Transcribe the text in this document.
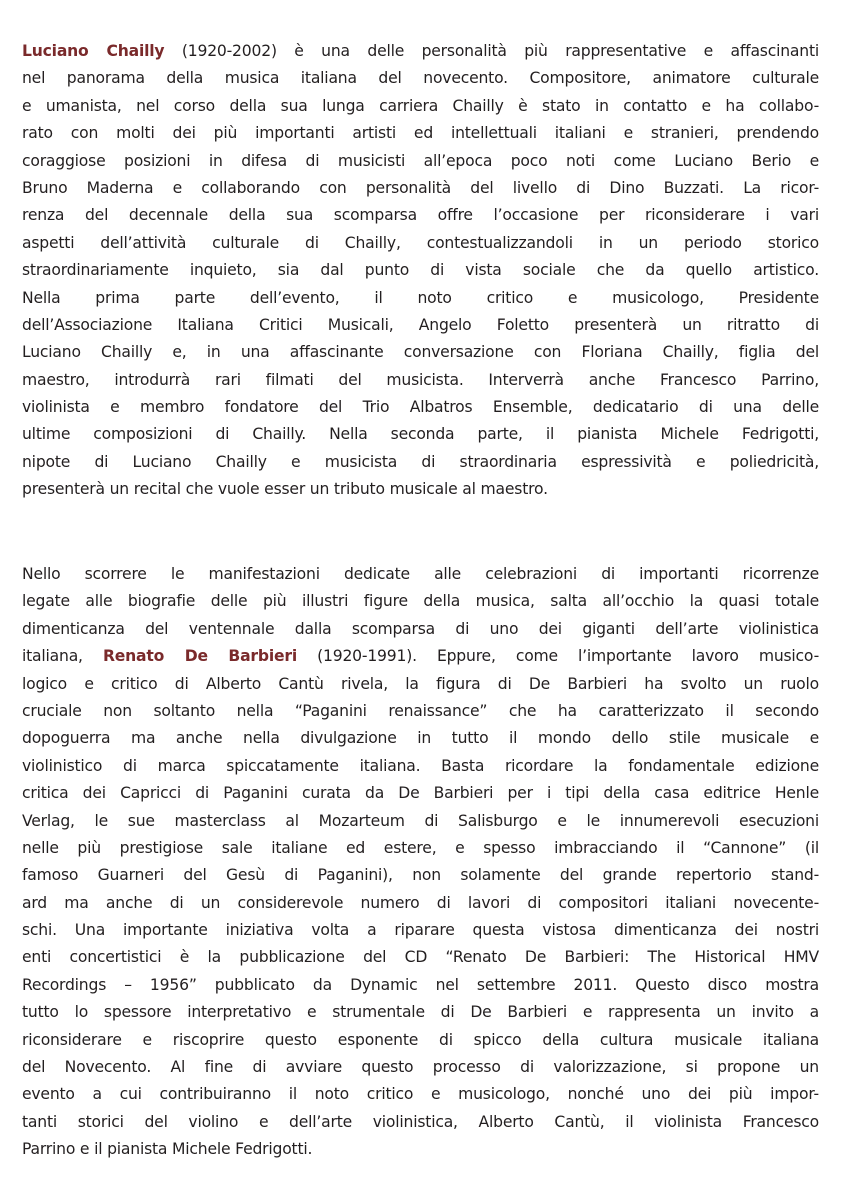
Luciano Chailly (1920-2002) è una delle personalità più rappresentative e affascinanti
nel panorama della musica italiana del novecento. Compositore, animatore culturale
e umanista, nel corso della sua lunga carriera Chailly è stato in contatto e ha collabo-
rato con molti dei più importanti artisti ed intellettuali italiani e stranieri, prendendo
coraggiose posizioni in difesa di musicisti all’epoca poco noti come Luciano Berio e
Bruno Maderna e collaborando con personalità del livello di Dino Buzzati. La ricor-
renza del decennale della sua scomparsa offre l’occasione per riconsiderare i vari
aspetti dell’attività culturale di Chailly, contestualizzandoli in un periodo storico
straordinariamente inquieto, sia dal punto di vista sociale che da quello artistico.
Nella prima parte dell’evento, il noto critico e musicologo, Presidente
dell’Associazione Italiana Critici Musicali, Angelo Foletto presenterà un ritratto di
Luciano Chailly e, in una affascinante conversazione con Floriana Chailly, figlia del
maestro, introdurrà rari filmati del musicista. Interverrà anche Francesco Parrino,
violinista e membro fondatore del Trio Albatros Ensemble, dedicatario di una delle
ultime composizioni di Chailly. Nella seconda parte, il pianista Michele Fedrigotti,
nipote di Luciano Chailly e musicista di straordinaria espressività e poliedricità,
presenterà un recital che vuole esser un tributo musicale al maestro.
Nello scorrere le manifestazioni dedicate alle celebrazioni di importanti ricorrenze
legate alle biografie delle più illustri figure della musica, salta all’occhio la quasi totale
dimenticanza del ventennale dalla scomparsa di uno dei giganti dell’arte violinistica
italiana, Renato De Barbieri (1920-1991). Eppure, come l’importante lavoro musico-
logico e critico di Alberto Cantù rivela, la figura di De Barbieri ha svolto un ruolo
cruciale non soltanto nella “Paganini renaissance” che ha caratterizzato il secondo
dopoguerra ma anche nella divulgazione in tutto il mondo dello stile musicale e
violinistico di marca spiccatamente italiana. Basta ricordare la fondamentale edizione
critica dei Capricci di Paganini curata da De Barbieri per i tipi della casa editrice Henle
Verlag, le sue masterclass al Mozarteum di Salisburgo e le innumerevoli esecuzioni
nelle più prestigiose sale italiane ed estere, e spesso imbracciando il “Cannone” (il
famoso Guarneri del Gesù di Paganini), non solamente del grande repertorio stand-
ard ma anche di un considerevole numero di lavori di compositori italiani novecente-
schi. Una importante iniziativa volta a riparare questa vistosa dimenticanza dei nostri
enti concertistici è la pubblicazione del CD “Renato De Barbieri: The Historical HMV
Recordings – 1956” pubblicato da Dynamic nel settembre 2011. Questo disco mostra
tutto lo spessore interpretativo e strumentale di De Barbieri e rappresenta un invito a
riconsiderare e riscoprire questo esponente di spicco della cultura musicale italiana
del Novecento. Al fine di avviare questo processo di valorizzazione, si propone un
evento a cui contribuiranno il noto critico e musicologo, nonché uno dei più impor-
tanti storici del violino e dell’arte violinistica, Alberto Cantù, il violinista Francesco
Parrino e il pianista Michele Fedrigotti.
